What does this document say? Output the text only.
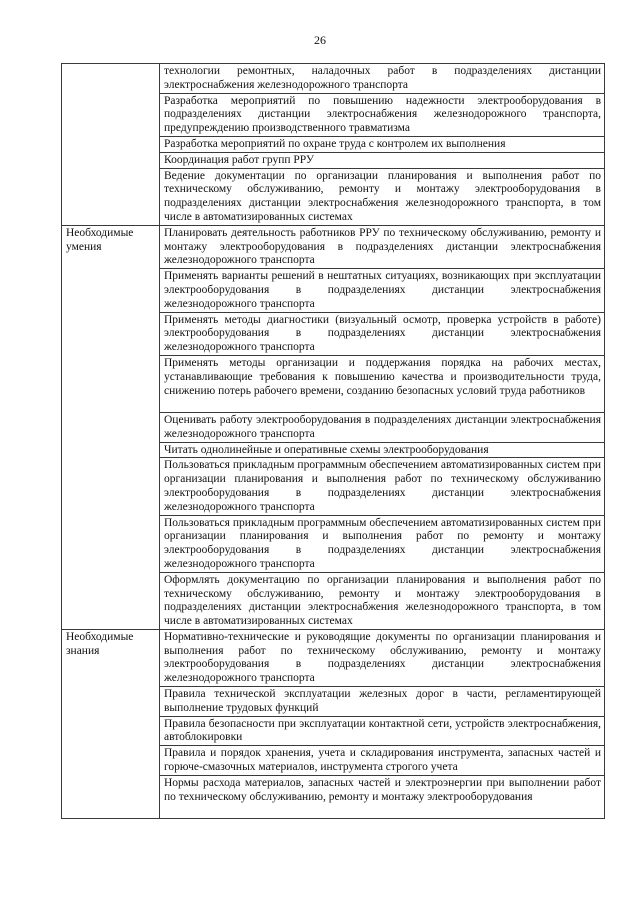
26
	технологии ремонтных, наладочных работ в подразделениях дистанции электроснабжения железнодорожного транспорта
	Разработка мероприятий по повышению надежности электрооборудования в подразделениях дистанции электроснабжения железнодорожного транспорта, предупреждению производственного травматизма
	Разработка мероприятий по охране труда с контролем их выполнения
	Координация работ групп РРУ
	Ведение документации по организации планирования и выполнения работ по техническому обслуживанию, ремонту и монтажу электрооборудования в подразделениях дистанции электроснабжения железнодорожного транспорта, в том числе в автоматизированных системах
Необходимые умения	Планировать деятельность работников РРУ по техническому обслуживанию, ремонту и монтажу электрооборудования в подразделениях дистанции электроснабжения железнодорожного транспорта
	Применять варианты решений в нештатных ситуациях, возникающих при эксплуатации электрооборудования в подразделениях дистанции электроснабжения железнодорожного транспорта
	Применять методы диагностики (визуальный осмотр, проверка устройств в работе) электрооборудования в подразделениях дистанции электроснабжения железнодорожного транспорта
	Применять методы организации и поддержания порядка на рабочих местах, устанавливающие требования к повышению качества и производительности труда, снижению потерь рабочего времени, созданию безопасных условий труда работников
	Оценивать работу электрооборудования в подразделениях дистанции электроснабжения железнодорожного транспорта
	Читать однолинейные и оперативные схемы электрооборудования
	Пользоваться прикладным программным обеспечением автоматизированных систем при организации планирования и выполнения работ по техническому обслуживанию электрооборудования в подразделениях дистанции электроснабжения железнодорожного транспорта
	Пользоваться прикладным программным обеспечением автоматизированных систем при организации планирования и выполнения работ по ремонту и монтажу электрооборудования в подразделениях дистанции электроснабжения железнодорожного транспорта
	Оформлять документацию по организации планирования и выполнения работ по техническому обслуживанию, ремонту и монтажу электрооборудования в подразделениях дистанции электроснабжения железнодорожного транспорта, в том числе в автоматизированных системах
Необходимые знания	Нормативно-технические и руководящие документы по организации планирования и выполнения работ по техническому обслуживанию, ремонту и монтажу электрооборудования в подразделениях дистанции электроснабжения железнодорожного транспорта
	Правила технической эксплуатации железных дорог в части, регламентирующей выполнение трудовых функций
	Правила безопасности при эксплуатации контактной сети, устройств электроснабжения, автоблокировки
	Правила и порядок хранения, учета и складирования инструмента, запасных частей и горюче-смазочных материалов, инструмента строгого учета
	Нормы расхода материалов, запасных частей и электроэнергии при выполнении работ по техническому обслуживанию, ремонту и монтажу электрооборудования
